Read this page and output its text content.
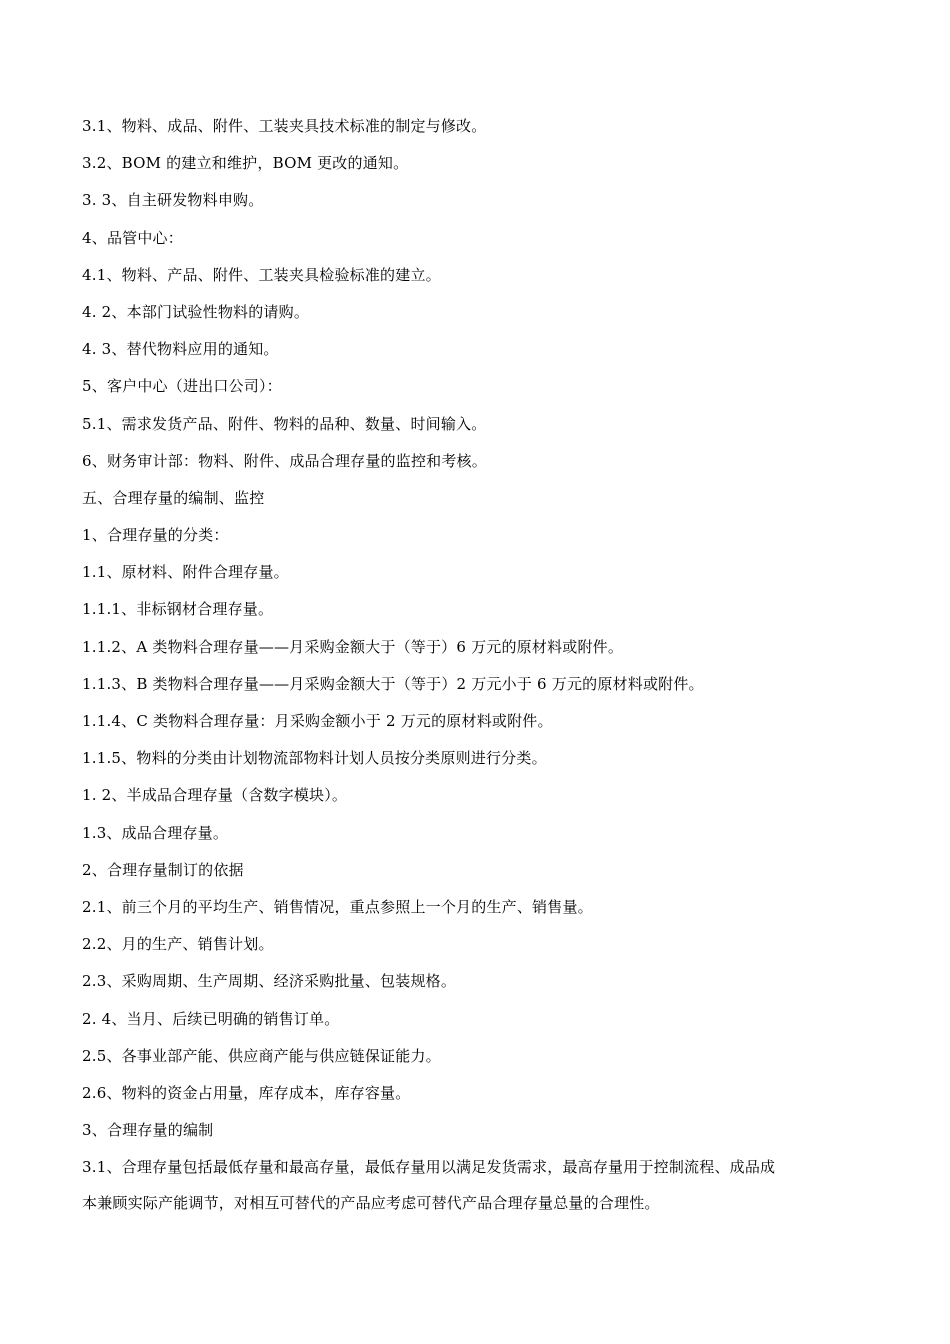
3.1、物料、成品、附件、工装夹具技术标准的制定与修改。

3.2、BOM 的建立和维护，BOM 更改的通知。

3. 3、自主研发物料申购。

4、品管中心：

4.1、物料、产品、附件、工装夹具检验标准的建立。

4. 2、本部门试验性物料的请购。

4. 3、替代物料应用的通知。

5、客户中心（进出口公司）：

5.1、需求发货产品、附件、物料的品种、数量、时间输入。

6、财务审计部：物料、附件、成品合理存量的监控和考核。

五、合理存量的编制、监控

1、合理存量的分类：

1.1、原材料、附件合理存量。

1.1.1、非标钢材合理存量。

1.1.2、A 类物料合理存量——月采购金额大于（等于）6 万元的原材料或附件。

1.1.3、B 类物料合理存量——月采购金额大于（等于）2 万元小于 6 万元的原材料或附件。

1.1.4、C 类物料合理存量：月采购金额小于 2 万元的原材料或附件。

1.1.5、物料的分类由计划物流部物料计划人员按分类原则进行分类。

1. 2、半成品合理存量（含数字模块）。

1.3、成品合理存量。

2、合理存量制订的依据

2.1、前三个月的平均生产、销售情况，重点参照上一个月的生产、销售量。

2.2、月的生产、销售计划。

2.3、采购周期、生产周期、经济采购批量、包装规格。

2. 4、当月、后续已明确的销售订单。

2.5、各事业部产能、供应商产能与供应链保证能力。

2.6、物料的资金占用量，库存成本，库存容量。

3、合理存量的编制

3.1、合理存量包括最低存量和最高存量，最低存量用以满足发货需求，最高存量用于控制流程、成品成
本兼顾实际产能调节，对相互可替代的产品应考虑可替代产品合理存量总量的合理性。
